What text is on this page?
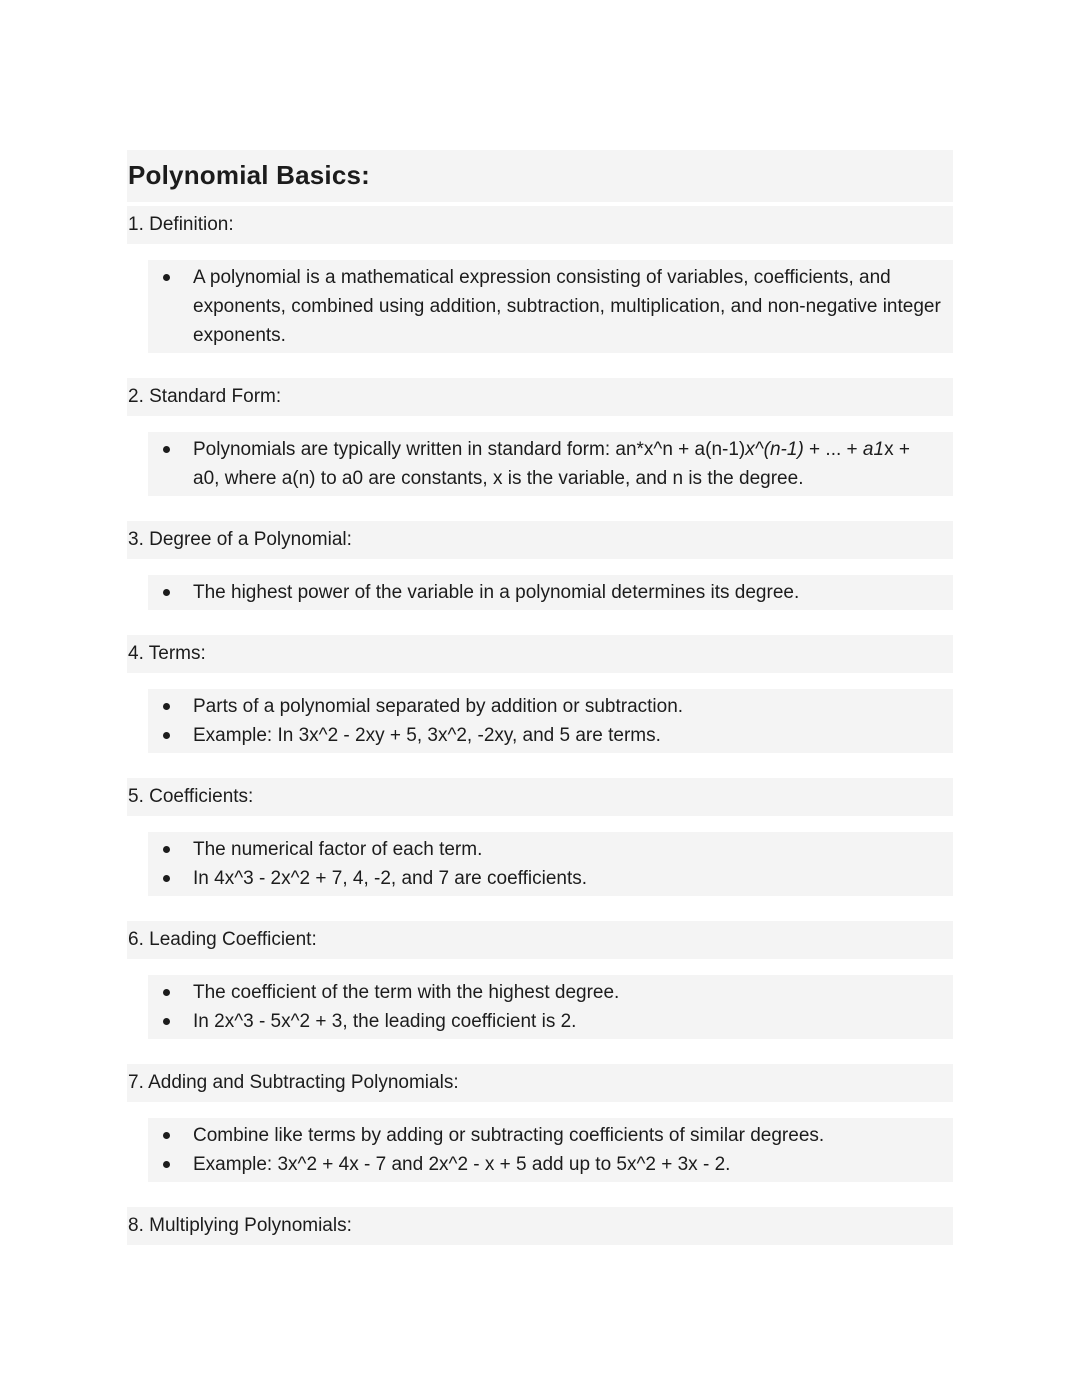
Polynomial Basics:
1. Definition:
A polynomial is a mathematical expression consisting of variables, coefficients, and exponents, combined using addition, subtraction, multiplication, and non-negative integer exponents.
2. Standard Form:
Polynomials are typically written in standard form: an*x^n + a(n-1)x^(n-1) + ... + a1x + a0, where a(n) to a0 are constants, x is the variable, and n is the degree.
3. Degree of a Polynomial:
The highest power of the variable in a polynomial determines its degree.
4. Terms:
Parts of a polynomial separated by addition or subtraction.
Example: In 3x^2 - 2xy + 5, 3x^2, -2xy, and 5 are terms.
5. Coefficients:
The numerical factor of each term.
In 4x^3 - 2x^2 + 7, 4, -2, and 7 are coefficients.
6. Leading Coefficient:
The coefficient of the term with the highest degree.
In 2x^3 - 5x^2 + 3, the leading coefficient is 2.
7. Adding and Subtracting Polynomials:
Combine like terms by adding or subtracting coefficients of similar degrees.
Example: 3x^2 + 4x - 7 and 2x^2 - x + 5 add up to 5x^2 + 3x - 2.
8. Multiplying Polynomials:
